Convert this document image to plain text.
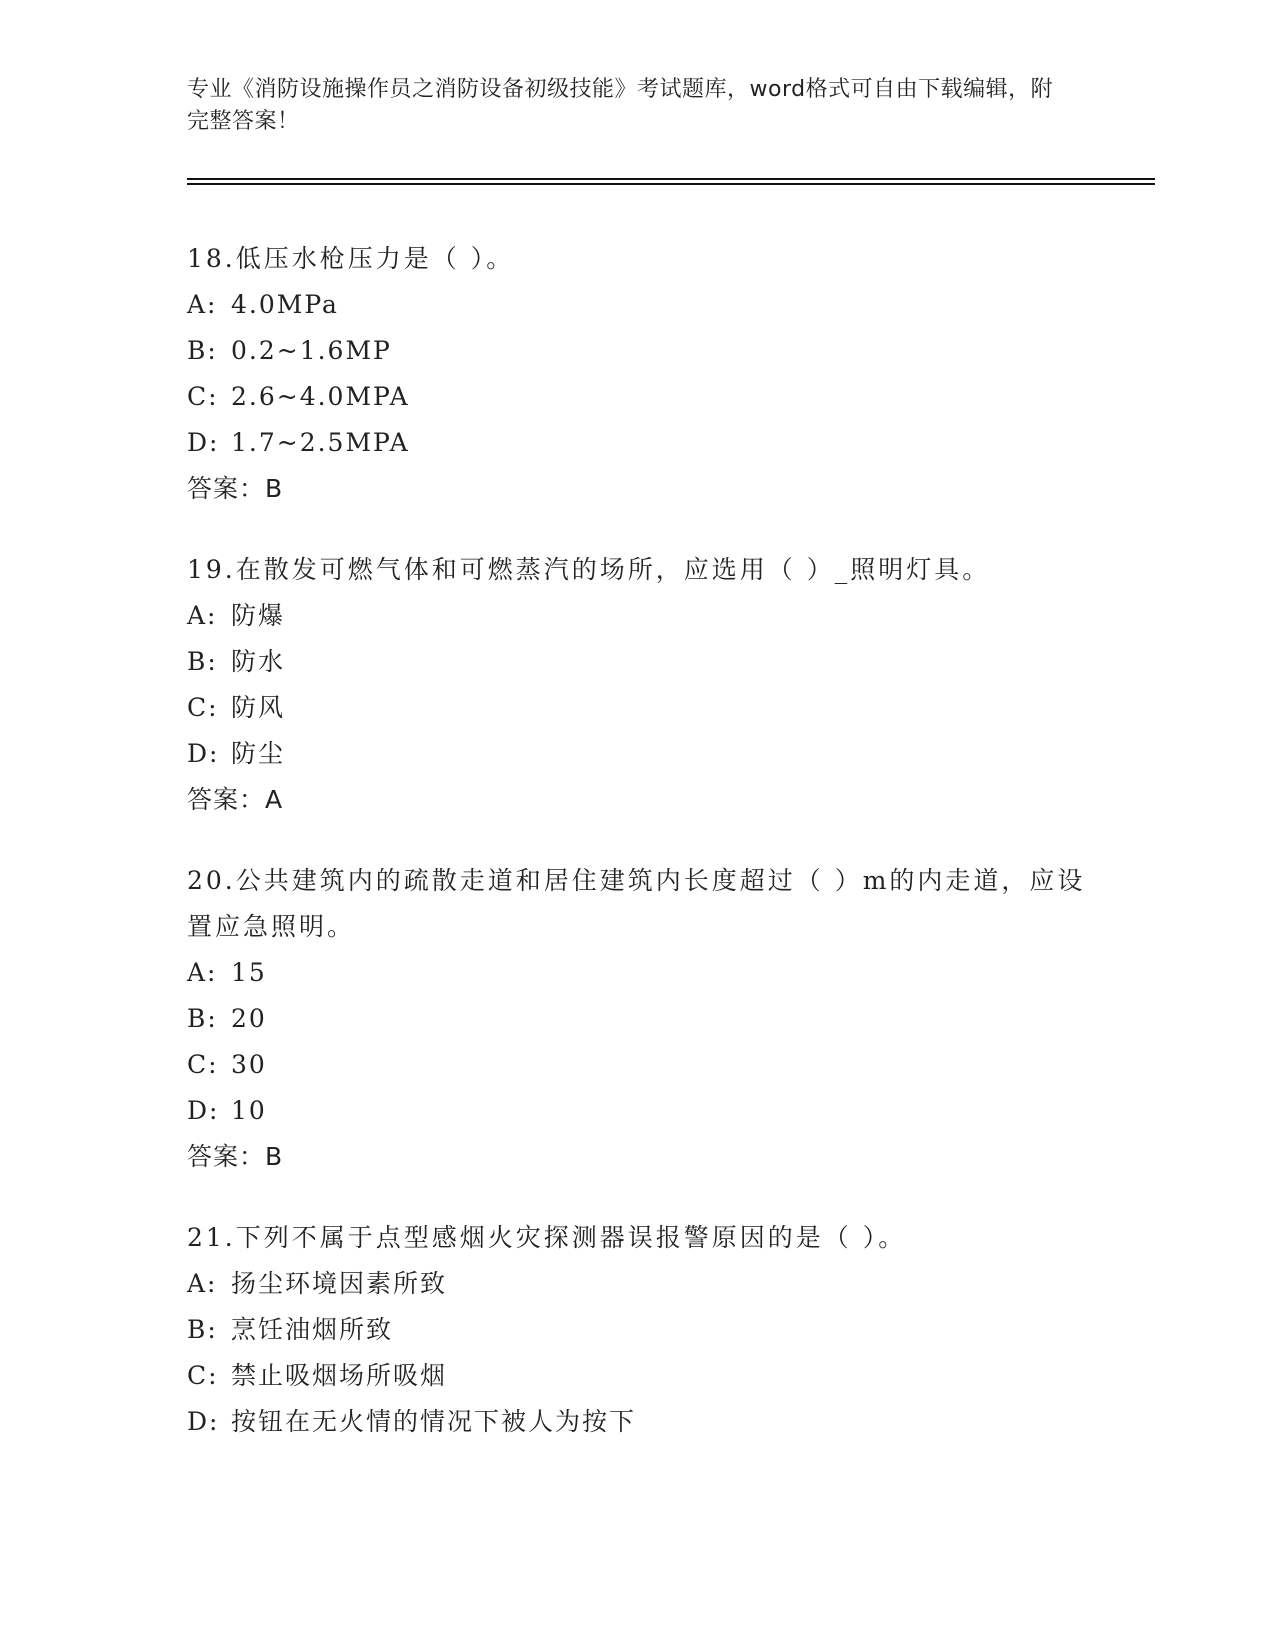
专业《消防设施操作员之消防设备初级技能》考试题库，word格式可自由下载编辑，附完整答案！
18.低压水枪压力是（ ）。
A: 4.0MPa
B: 0.2~1.6MP
C: 2.6~4.0MPA
D: 1.7~2.5MPA
答案：B
19.在散发可燃气体和可燃蒸汽的场所，应选用（ ）_照明灯具。
A: 防爆
B: 防水
C: 防风
D: 防尘
答案：A
20.公共建筑内的疏散走道和居住建筑内长度超过（ ）m的内走道，应设置应急照明。
A: 15
B: 20
C: 30
D: 10
答案：B
21.下列不属于点型感烟火灾探测器误报警原因的是（ ）。
A: 扬尘环境因素所致
B: 烹饪油烟所致
C: 禁止吸烟场所吸烟
D: 按钮在无火情的情况下被人为按下
